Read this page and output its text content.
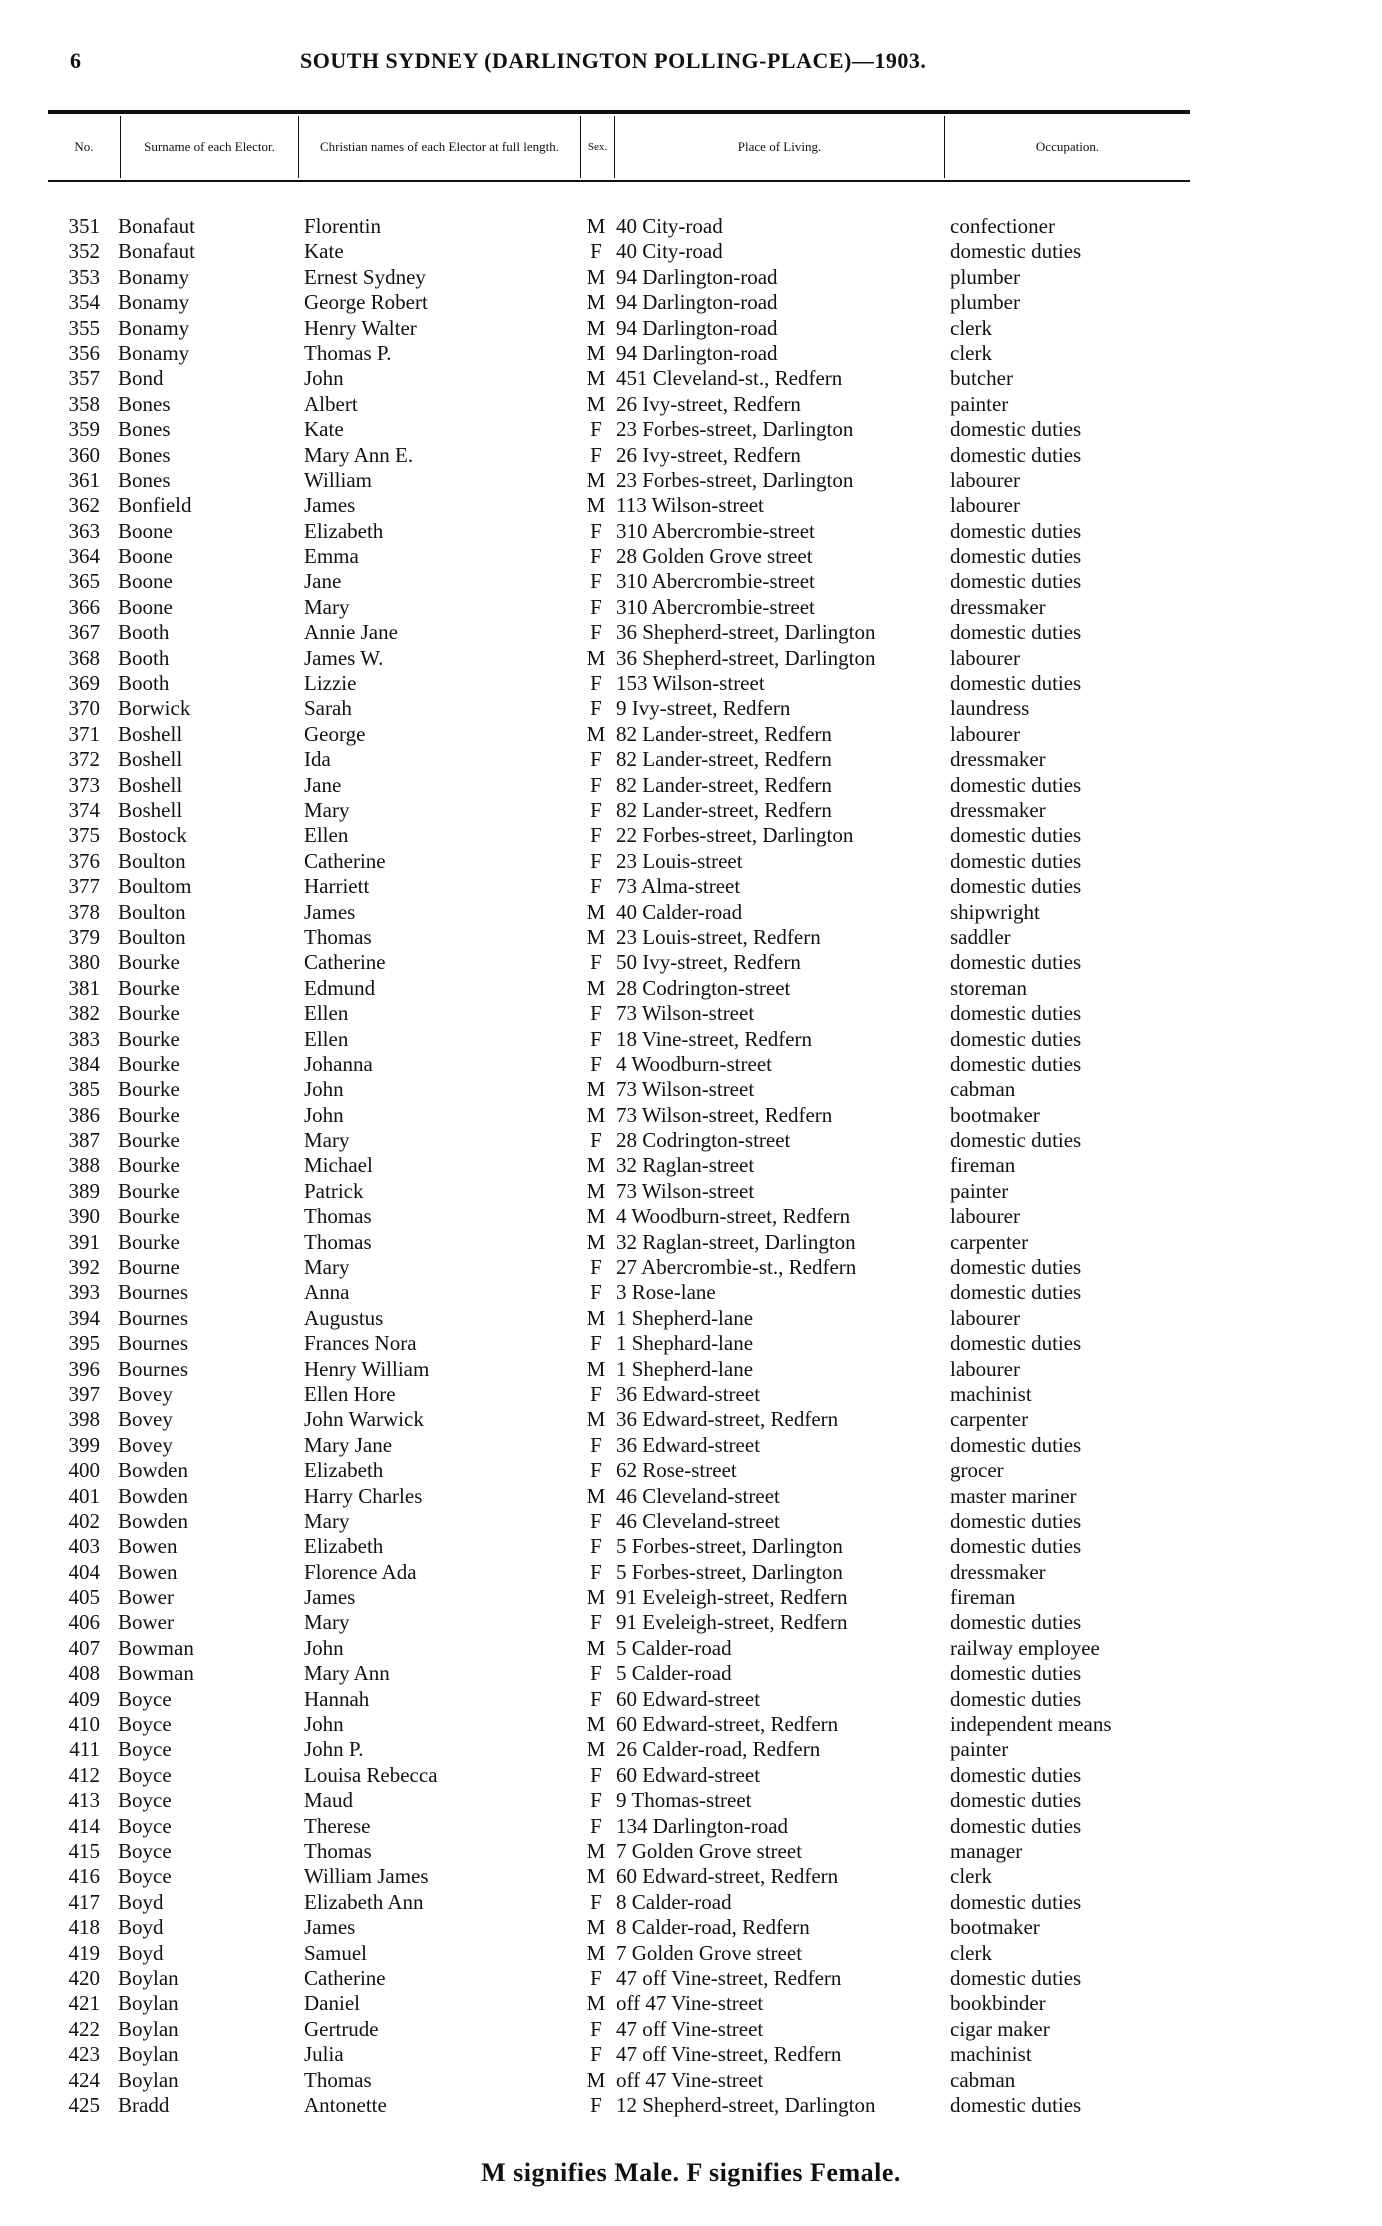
6	SOUTH SYDNEY (DARLINGTON POLLING-PLACE)—1903.
No.	Surname of each Elector.	Christian names of each Elector at full length.	Sex.	Place of Living.	Occupation.
351 Bonafaut	Florentin	M 40 City-road	confectioner
352 Bonafaut	Kate	F 40 City-road	domestic duties
353 Bonamy	Ernest Sydney	M 94 Darlington-road	plumber
354 Bonamy	George Robert	M 94 Darlington-road	plumber
355 Bonamy	Henry Walter	M 94 Darlington-road	clerk
356 Bonamy	Thomas P.	M 94 Darlington-road	clerk
357 Bond	John	M 451 Cleveland-st., Redfern	butcher
358 Bones	Albert	M 26 Ivy-street, Redfern	painter
359 Bones	Kate	F 23 Forbes-street, Darlington	domestic duties
360 Bones	Mary Ann E.	F 26 Ivy-street, Redfern	domestic duties
361 Bones	William	M 23 Forbes-street, Darlington	labourer
362 Bonfield	James	M 113 Wilson-street	labourer
363 Boone	Elizabeth	F 310 Abercrombie-street	domestic duties
364 Boone	Emma	F 28 Golden Grove street	domestic duties
365 Boone	Jane	F 310 Abercrombie-street	domestic duties
366 Boone	Mary	F 310 Abercrombie-street	dressmaker
367 Booth	Annie Jane	F 36 Shepherd-street, Darlington	domestic duties
368 Booth	James W.	M 36 Shepherd-street, Darlington	labourer
369 Booth	Lizzie	F 153 Wilson-street	domestic duties
370 Borwick	Sarah	F 9 Ivy-street, Redfern	laundress
371 Boshell	George	M 82 Lander-street, Redfern	labourer
372 Boshell	Ida	F 82 Lander-street, Redfern	dressmaker
373 Boshell	Jane	F 82 Lander-street, Redfern	domestic duties
374 Boshell	Mary	F 82 Lander-street, Redfern	dressmaker
375 Bostock	Ellen	F 22 Forbes-street, Darlington	domestic duties
376 Boulton	Catherine	F 23 Louis-street	domestic duties
377 Boultom	Harriett	F 73 Alma-street	domestic duties
378 Boulton	James	M 40 Calder-road	shipwright
379 Boulton	Thomas	M 23 Louis-street, Redfern	saddler
380 Bourke	Catherine	F 50 Ivy-street, Redfern	domestic duties
381 Bourke	Edmund	M 28 Codrington-street	storeman
382 Bourke	Ellen	F 73 Wilson-street	domestic duties
383 Bourke	Ellen	F 18 Vine-street, Redfern	domestic duties
384 Bourke	Johanna	F 4 Woodburn-street	domestic duties
385 Bourke	John	M 73 Wilson-street	cabman
386 Bourke	John	M 73 Wilson-street, Redfern	bootmaker
387 Bourke	Mary	F 28 Codrington-street	domestic duties
388 Bourke	Michael	M 32 Raglan-street	fireman
389 Bourke	Patrick	M 73 Wilson-street	painter
390 Bourke	Thomas	M 4 Woodburn-street, Redfern	labourer
391 Bourke	Thomas	M 32 Raglan-street, Darlington	carpenter
392 Bourne	Mary	F 27 Abercrombie-st., Redfern	domestic duties
393 Bournes	Anna	F 3 Rose-lane	domestic duties
394 Bournes	Augustus	M 1 Shepherd-lane	labourer
395 Bournes	Frances Nora	F 1 Shephard-lane	domestic duties
396 Bournes	Henry William	M 1 Shepherd-lane	labourer
397 Bovey	Ellen Hore	F 36 Edward-street	machinist
398 Bovey	John Warwick	M 36 Edward-street, Redfern	carpenter
399 Bovey	Mary Jane	F 36 Edward-street	domestic duties
400 Bowden	Elizabeth	F 62 Rose-street	grocer
401 Bowden	Harry Charles	M 46 Cleveland-street	master mariner
402 Bowden	Mary	F 46 Cleveland-street	domestic duties
403 Bowen	Elizabeth	F 5 Forbes-street, Darlington	domestic duties
404 Bowen	Florence Ada	F 5 Forbes-street, Darlington	dressmaker
405 Bower	James	M 91 Eveleigh-street, Redfern	fireman
406 Bower	Mary	F 91 Eveleigh-street, Redfern	domestic duties
407 Bowman	John	M 5 Calder-road	railway employee
408 Bowman	Mary Ann	F 5 Calder-road	domestic duties
409 Boyce	Hannah	F 60 Edward-street	domestic duties
410 Boyce	John	M 60 Edward-street, Redfern	independent means
411 Boyce	John P.	M 26 Calder-road, Redfern	painter
412 Boyce	Louisa Rebecca	F 60 Edward-street	domestic duties
413 Boyce	Maud	F 9 Thomas-street	domestic duties
414 Boyce	Therese	F 134 Darlington-road	domestic duties
415 Boyce	Thomas	M 7 Golden Grove street	manager
416 Boyce	William James	M 60 Edward-street, Redfern	clerk
417 Boyd	Elizabeth Ann	F 8 Calder-road	domestic duties
418 Boyd	James	M 8 Calder-road, Redfern	bootmaker
419 Boyd	Samuel	M 7 Golden Grove street	clerk
420 Boylan	Catherine	F 47 off Vine-street, Redfern	domestic duties
421 Boylan	Daniel	M off 47 Vine-street	bookbinder
422 Boylan	Gertrude	F 47 off Vine-street	cigar maker
423 Boylan	Julia	F 47 off Vine-street, Redfern	machinist
424 Boylan	Thomas	M off 47 Vine-street	cabman
425 Bradd	Antonette	F 12 Shepherd-street, Darlington	domestic duties
M signifies Male. F signifies Female.
